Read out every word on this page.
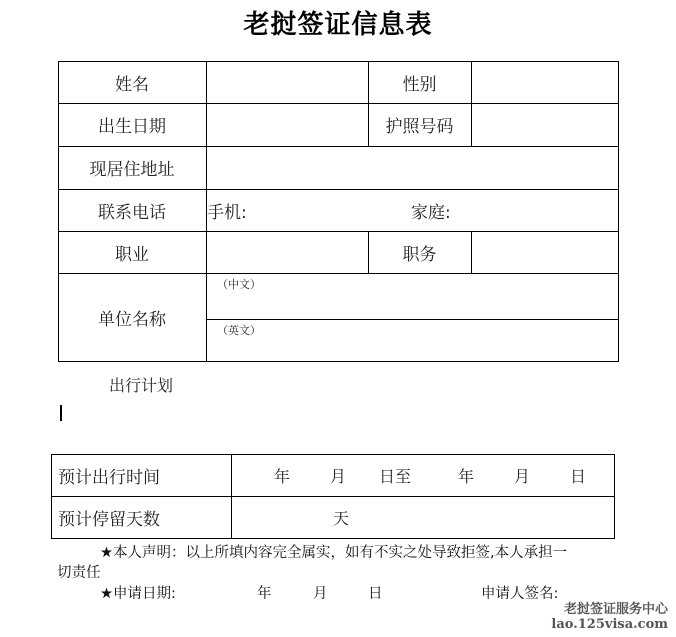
老挝签证信息表
姓名	性别
出生日期	护照号码
现居住地址
联系电话	手机:	家庭:
职业	职务
单位名称
（中文）
（英文）
出行计划
预计出行时间	年 月 日至	年 月 日
预计停留天数	天
★本人声明：以上所填内容完全属实，如有不实之处导致拒签,本人承担一
切责任
★申请日期:	年	月	日	申请人签名:
老挝签证服务中心
lao.125visa.com
